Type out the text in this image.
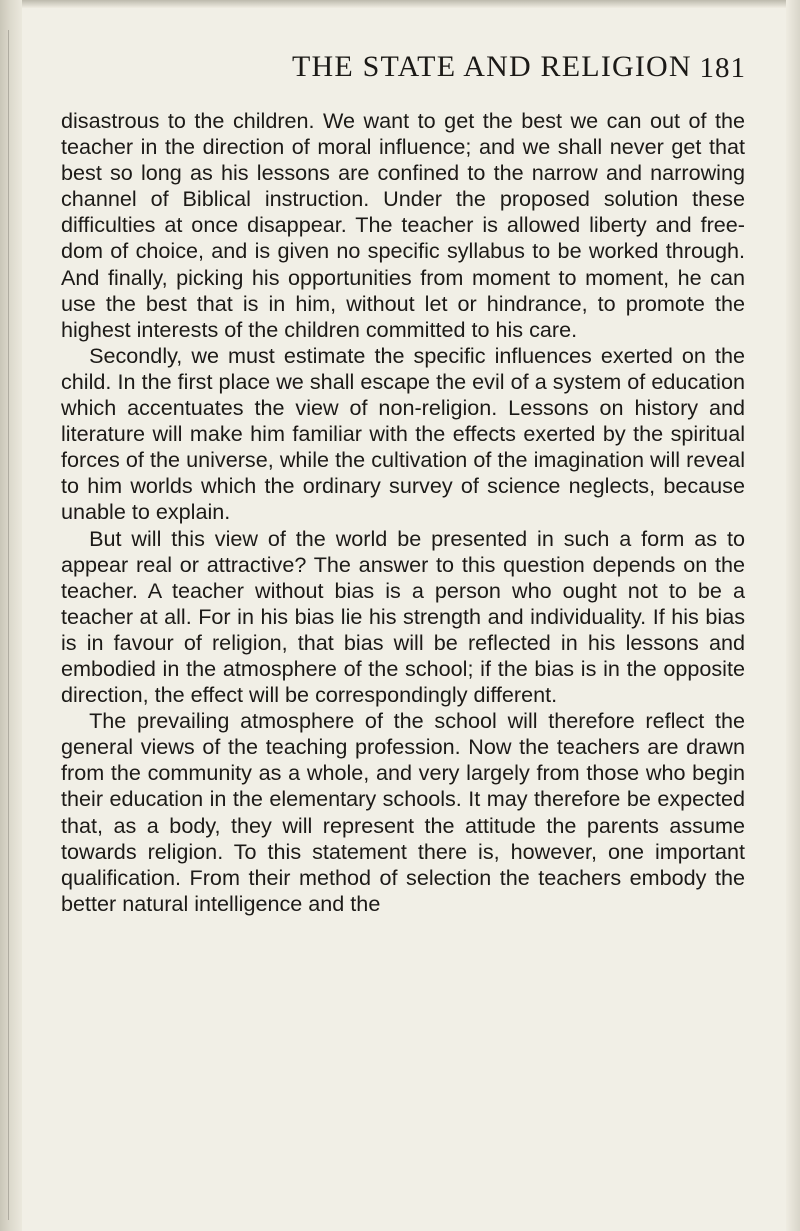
THE STATE AND RELIGION 181

disastrous to the children. We want to get the best we can out of the teacher in the direction of moral influence; and we shall never get that best so long as his lessons are confined to the narrow and narrowing channel of Biblical instruction. Under the proposed solution these difficulties at once disappear. The teacher is allowed liberty and freedom of choice, and is given no specific syllabus to be worked through. And finally, picking his opportunities from moment to moment, he can use the best that is in him, without let or hindrance, to promote the highest interests of the children committed to his care.

Secondly, we must estimate the specific influences exerted on the child. In the first place we shall escape the evil of a system of education which accentuates the view of non-religion. Lessons on history and literature will make him familiar with the effects exerted by the spiritual forces of the universe, while the cultivation of the imagination will reveal to him worlds which the ordinary survey of science neglects, because unable to explain.

But will this view of the world be presented in such a form as to appear real or attractive? The answer to this question depends on the teacher. A teacher without bias is a person who ought not to be a teacher at all. For in his bias lie his strength and individuality. If his bias is in favour of religion, that bias will be reflected in his lessons and embodied in the atmosphere of the school; if the bias is in the opposite direction, the effect will be correspondingly different.

The prevailing atmosphere of the school will therefore reflect the general views of the teaching profession. Now the teachers are drawn from the community as a whole, and very largely from those who begin their education in the elementary schools. It may therefore be expected that, as a body, they will represent the attitude the parents assume towards religion. To this statement there is, however, one important qualification. From their method of selection the teachers embody the better natural intelligence and the
